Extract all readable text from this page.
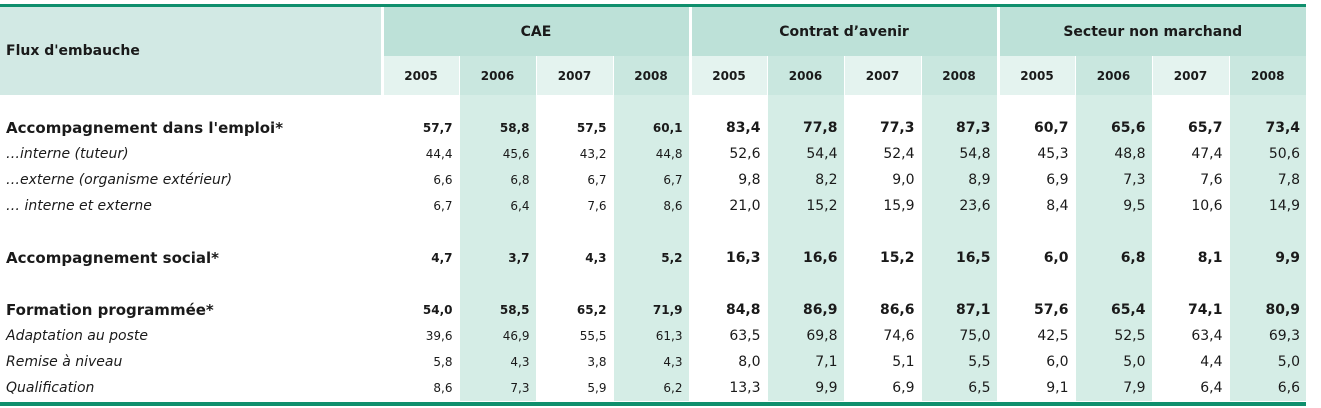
Flux d'embauche	CAE				Contrat d’avenir				Secteur non marchand			
	2005	2006	2007	2008	2005	2006	2007	2008	2005	2006	2007	2008

Accompagnement dans l'emploi*	57,7	58,8	57,5	60,1	83,4	77,8	77,3	87,3	60,7	65,6	65,7	73,4
…interne (tuteur)	44,4	45,6	43,2	44,8	52,6	54,4	52,4	54,8	45,3	48,8	47,4	50,6
…externe (organisme extérieur)	6,6	6,8	6,7	6,7	9,8	8,2	9,0	8,9	6,9	7,3	7,6	7,8
… interne et externe	6,7	6,4	7,6	8,6	21,0	15,2	15,9	23,6	8,4	9,5	10,6	14,9

Accompagnement social*	4,7	3,7	4,3	5,2	16,3	16,6	15,2	16,5	6,0	6,8	8,1	9,9

Formation programmée*	54,0	58,5	65,2	71,9	84,8	86,9	86,6	87,1	57,6	65,4	74,1	80,9
Adaptation au poste	39,6	46,9	55,5	61,3	63,5	69,8	74,6	75,0	42,5	52,5	63,4	69,3
Remise à niveau	5,8	4,3	3,8	4,3	8,0	7,1	5,1	5,5	6,0	5,0	4,4	5,0
Qualification	8,6	7,3	5,9	6,2	13,3	9,9	6,9	6,5	9,1	7,9	6,4	6,6
